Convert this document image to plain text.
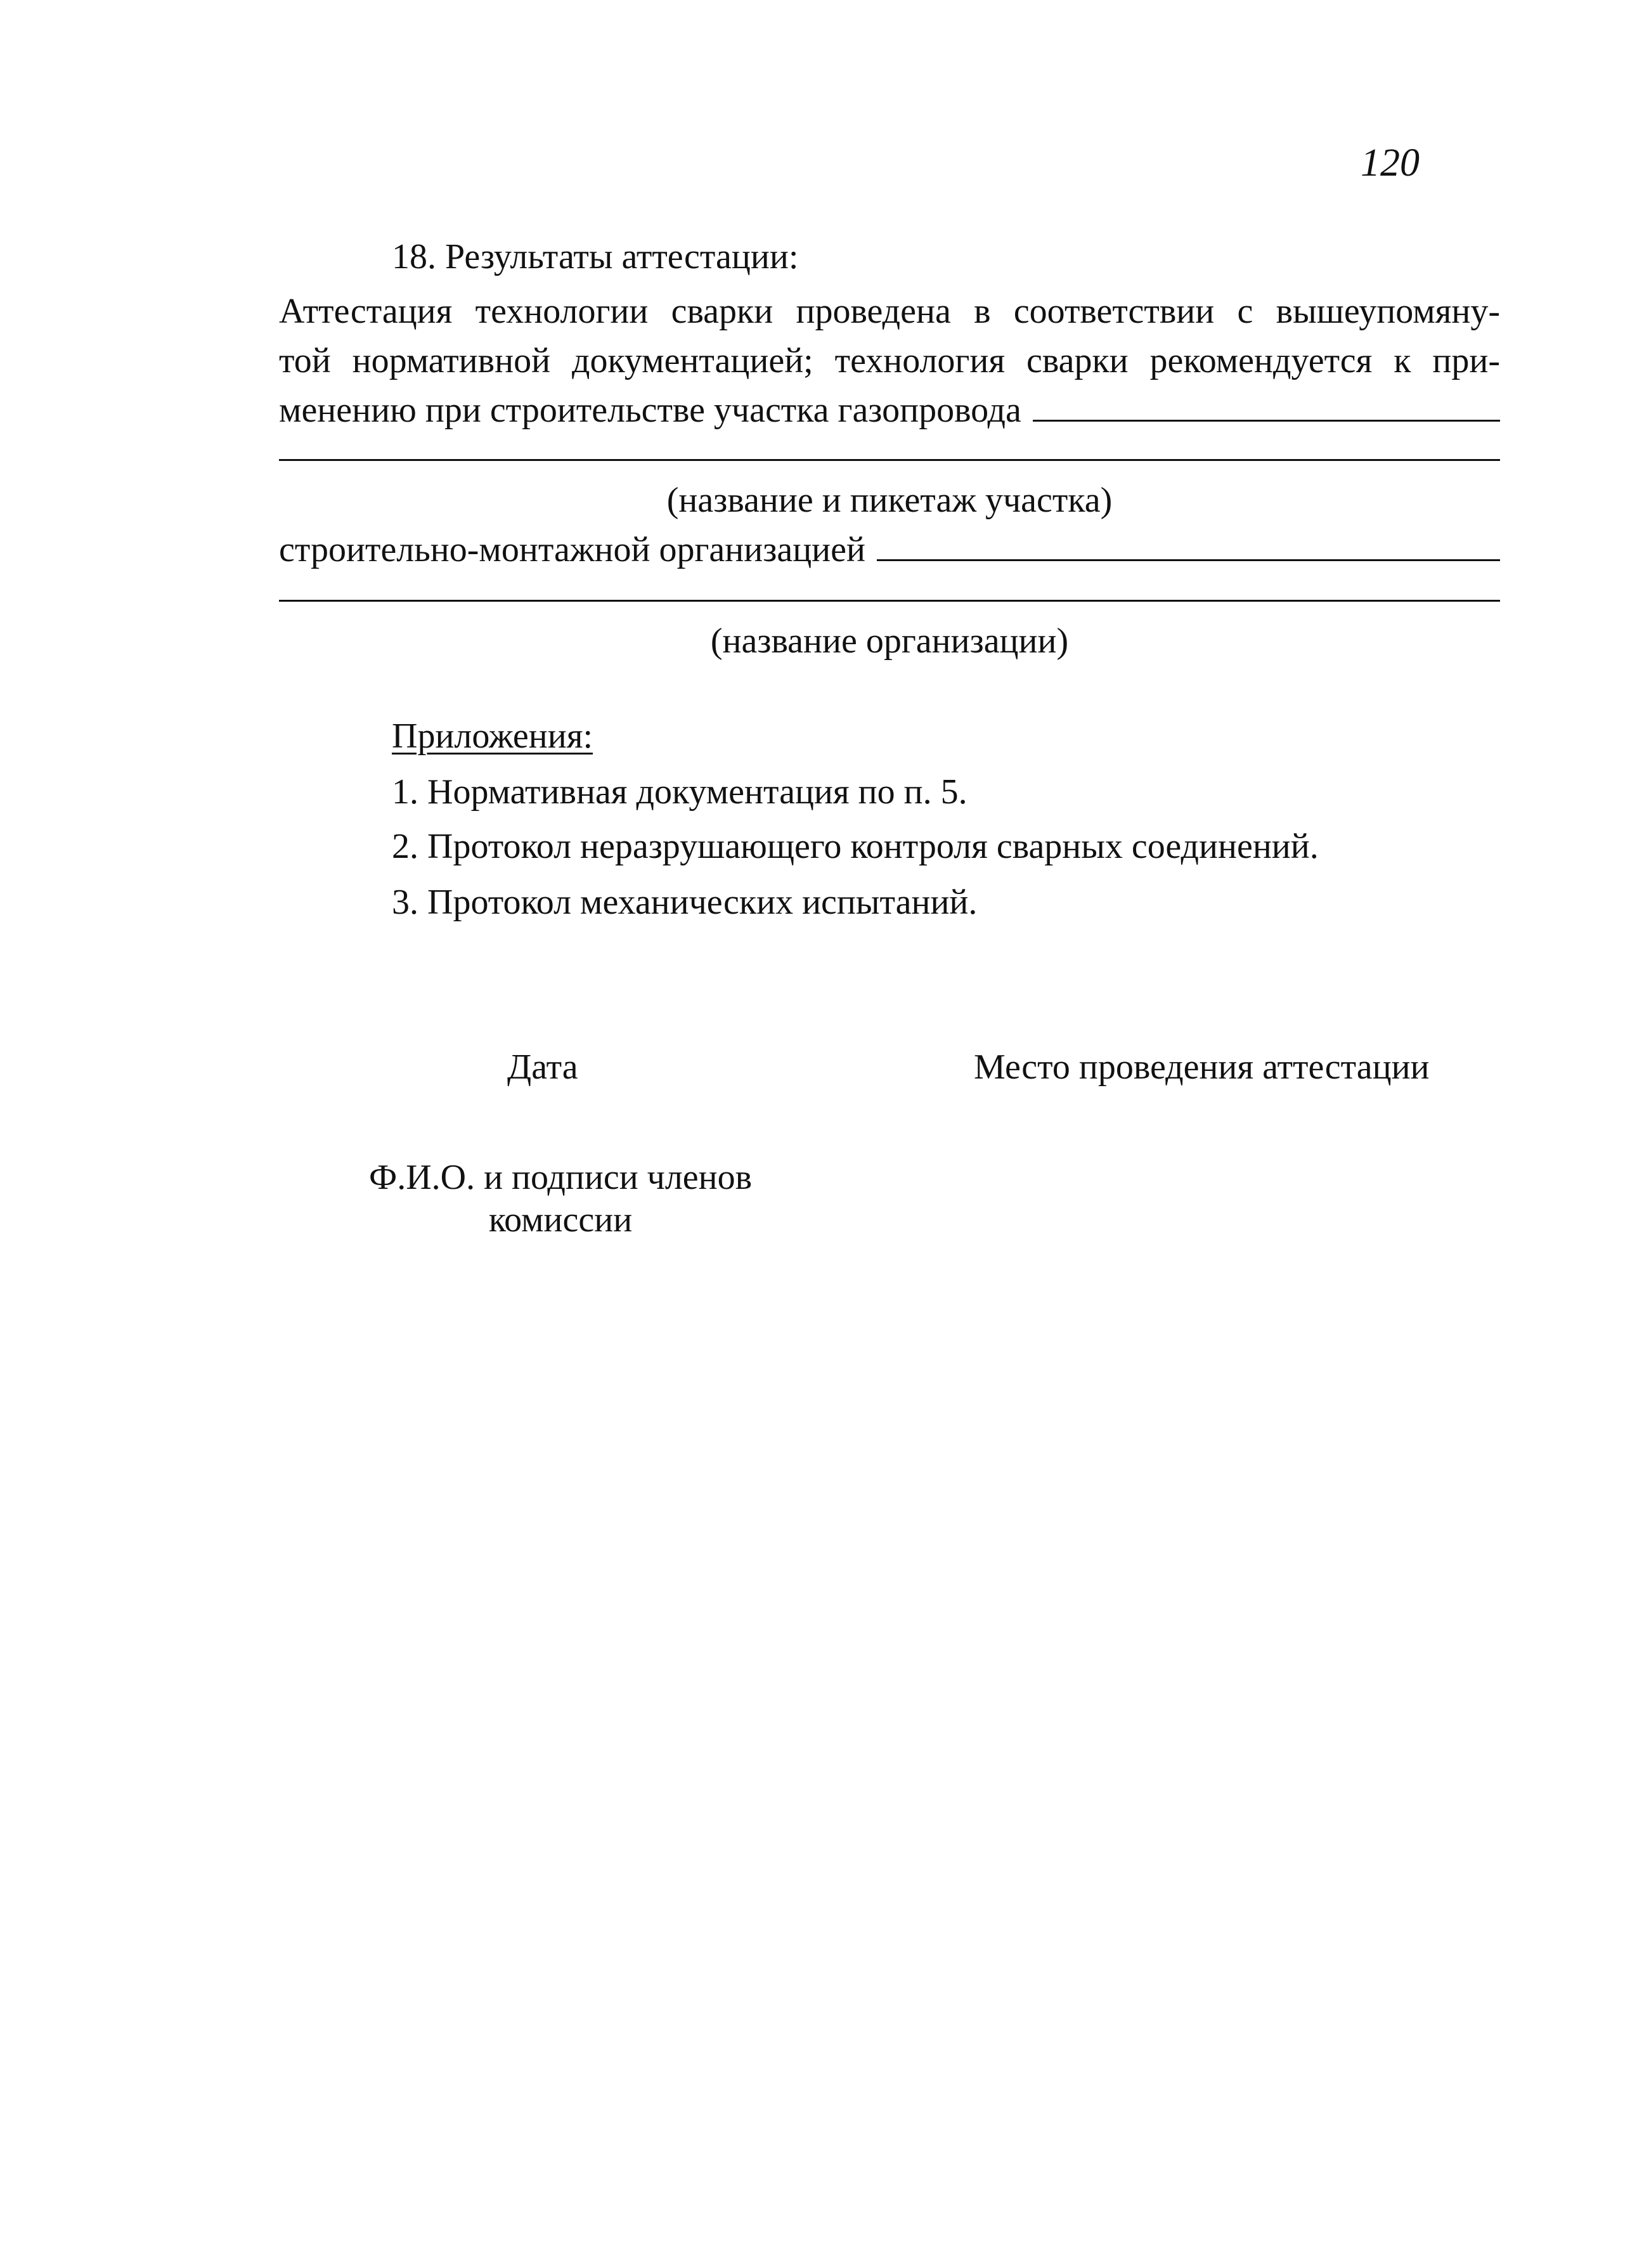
120
18. Результаты аттестации:
Аттестация технологии сварки проведена в соответствии с вышеупомяну-
той нормативной документацией; технология сварки рекомендуется к при-
менению при строительстве участка газопровода
(название и пикетаж участка)
строительно-монтажной организацией
(название организации)
Приложения:
1. Нормативная документация по п. 5.
2. Протокол неразрушающего контроля сварных соединений.
3. Протокол механических испытаний.
Дата	Место проведения аттестации
Ф.И.О. и подписи членов
комиссии
